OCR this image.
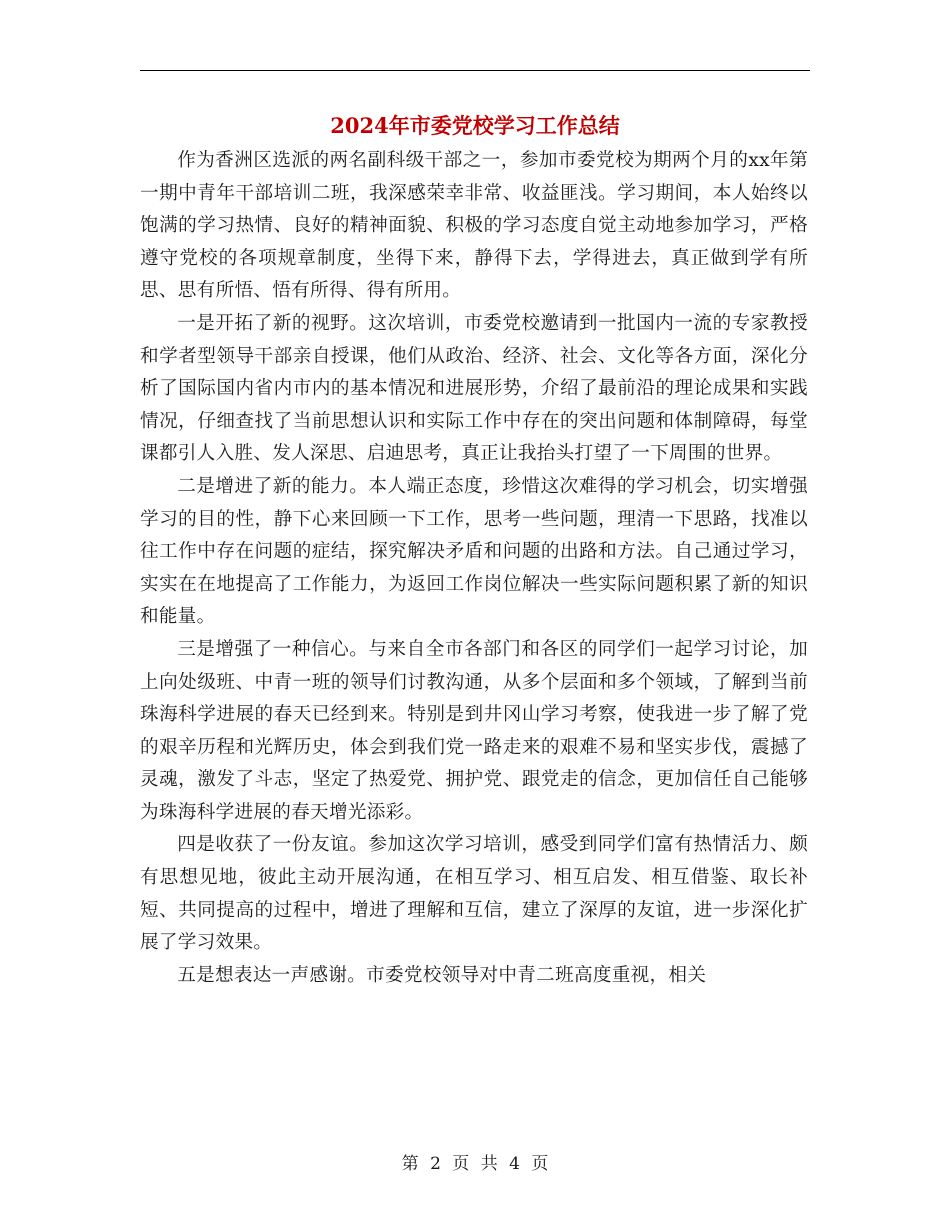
2024年市委党校学习工作总结

作为香洲区选派的两名副科级干部之一，参加市委党校为期两个月的xx年第一期中青年干部培训二班，我深感荣幸非常、收益匪浅。学习期间，本人始终以饱满的学习热情、良好的精神面貌、积极的学习态度自觉主动地参加学习，严格遵守党校的各项规章制度，坐得下来，静得下去，学得进去，真正做到学有所思、思有所悟、悟有所得、得有所用。

一是开拓了新的视野。这次培训，市委党校邀请到一批国内一流的专家教授和学者型领导干部亲自授课，他们从政治、经济、社会、文化等各方面，深化分析了国际国内省内市内的基本情况和进展形势，介绍了最前沿的理论成果和实践情况，仔细查找了当前思想认识和实际工作中存在的突出问题和体制障碍，每堂课都引人入胜、发人深思、启迪思考，真正让我抬头打望了一下周围的世界。

二是增进了新的能力。本人端正态度，珍惜这次难得的学习机会，切实增强学习的目的性，静下心来回顾一下工作，思考一些问题，理清一下思路，找准以往工作中存在问题的症结，探究解决矛盾和问题的出路和方法。自己通过学习，实实在在地提高了工作能力，为返回工作岗位解决一些实际问题积累了新的知识和能量。

三是增强了一种信心。与来自全市各部门和各区的同学们一起学习讨论，加上向处级班、中青一班的领导们讨教沟通，从多个层面和多个领域，了解到当前珠海科学进展的春天已经到来。特别是到井冈山学习考察，使我进一步了解了党的艰辛历程和光辉历史，体会到我们党一路走来的艰难不易和坚实步伐，震撼了灵魂，激发了斗志，坚定了热爱党、拥护党、跟党走的信念，更加信任自己能够为珠海科学进展的春天增光添彩。

四是收获了一份友谊。参加这次学习培训，感受到同学们富有热情活力、颇有思想见地，彼此主动开展沟通，在相互学习、相互启发、相互借鉴、取长补短、共同提高的过程中，增进了理解和互信，建立了深厚的友谊，进一步深化扩展了学习效果。

五是想表达一声感谢。市委党校领导对中青二班高度重视，相关

第 2 页 共 4 页
